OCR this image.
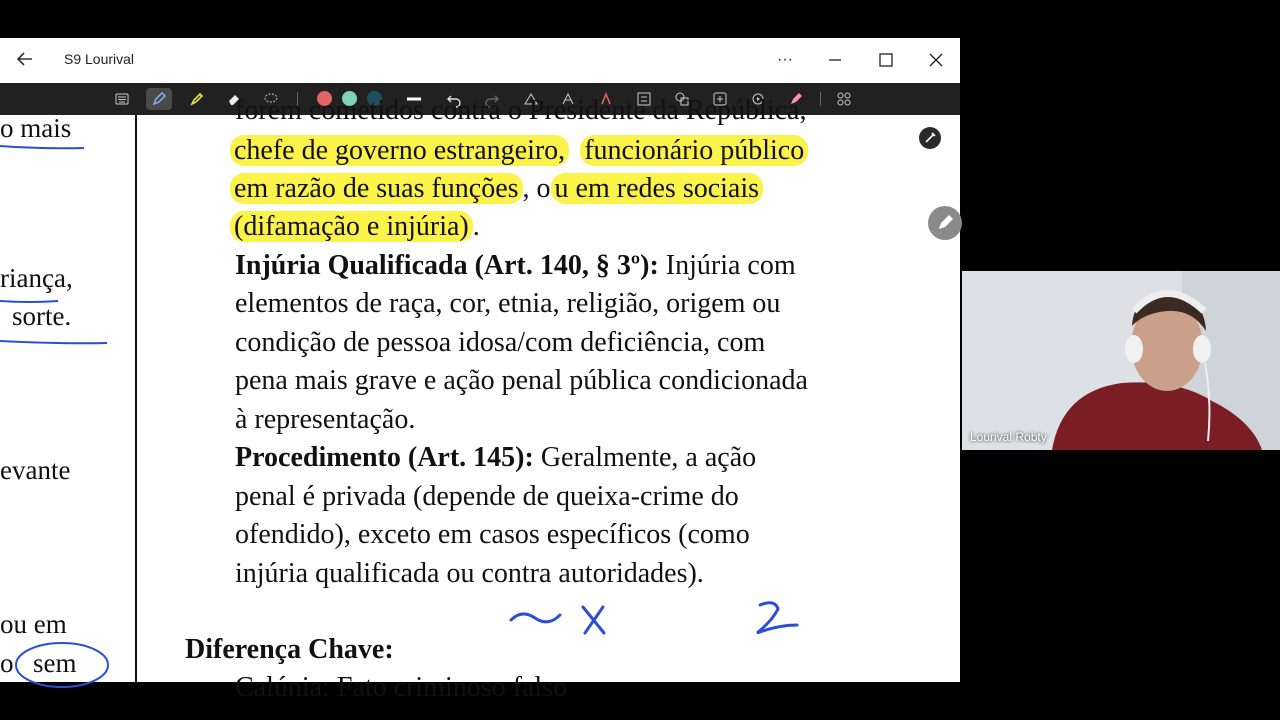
S9 Lourival	···
o mais
riança,
sorte.
evante
ou em
o sem
forem cometidos contra o Presidente da República,
chefe de governo estrangeiro, funcionário público
em razão de suas funções , o u em redes sociais
(difamação e injúria) .
Injúria Qualificada (Art. 140, § 3º): Injúria com
elementos de raça, cor, etnia, religião, origem ou
condição de pessoa idosa/com deficiência, com
pena mais grave e ação penal pública condicionada
à representação.
Procedimento (Art. 145): Geralmente, a ação
penal é privada (depende de queixa-crime do
ofendido), exceto em casos específicos (como
injúria qualificada ou contra autoridades).
Diferença Chave:
Calúnia: Fato criminoso falso
Lourival Robty
